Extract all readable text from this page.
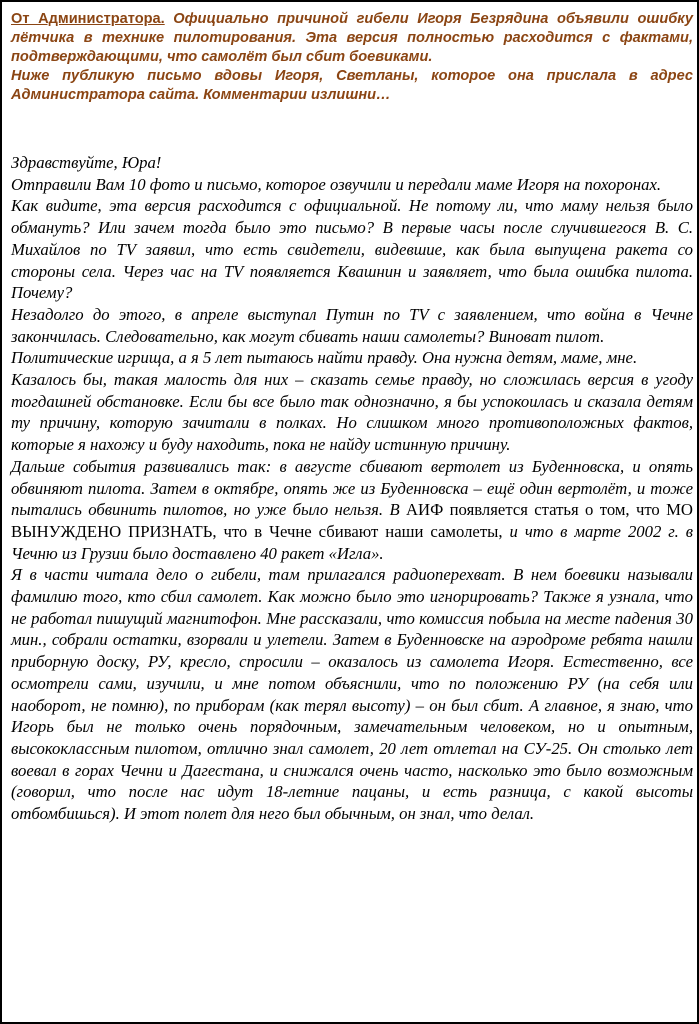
От Администратора. Официально причиной гибели Игоря Безрядина объявили ошибку лётчика в технике пилотирования. Эта версия полностью расходится с фактами, подтверждающими, что самолёт был сбит боевиками.

Ниже публикую письмо вдовы Игоря, Светланы, которое она прислала в адрес Администратора сайта. Комментарии излишни…

Здравствуйте, Юра!

Отправили Вам 10 фото и письмо, которое озвучили и передали маме Игоря на похоронах.

Как видите, эта версия расходится с официальной. Не потому ли, что маму нельзя было обмануть? Или зачем тогда было это письмо? В первые часы после случившегося В. С. Михайлов по TV заявил, что есть свидетели, видевшие, как была выпущена ракета со стороны села. Через час на TV появляется Квашнин и заявляет, что была ошибка пилота. Почему?

Незадолго до этого, в апреле выступал Путин по TV с заявлением, что война в Чечне закончилась. Следовательно, как могут сбивать наши самолеты? Виноват пилот.

Политические игрища, а я 5 лет пытаюсь найти правду. Она нужна детям, маме, мне.

Казалось бы, такая малость для них – сказать семье правду, но сложилась версия в угоду тогдашней обстановке. Если бы все было так однозначно, я бы успокоилась и сказала детям ту причину, которую зачитали в полках. Но слишком много противоположных фактов, которые я нахожу и буду находить, пока не найду истинную причину.

Дальше события развивались так: в августе сбивают вертолет из Буденновска, и опять обвиняют пилота. Затем в октябре, опять же из Буденновска – ещё один вертолёт, и тоже пытались обвинить пилотов, но уже было нельзя. В АИФ появляется статья о том, что МО ВЫНУЖДЕНО ПРИЗНАТЬ, что в Чечне сбивают наши самолеты, и что в марте 2002 г. в Чечню из Грузии было доставлено 40 ракет «Игла».

Я в части читала дело о гибели, там прилагался радиоперехват. В нем боевики называли фамилию того, кто сбил самолет. Как можно было это игнорировать? Также я узнала, что не работал пишущий магнитофон. Мне рассказали, что комиссия побыла на месте падения 30 мин., собрали остатки, взорвали и улетели. Затем в Буденновске на аэродроме ребята нашли приборную доску, РУ, кресло, спросили – оказалось из самолета Игоря. Естественно, все осмотрели сами, изучили, и мне потом объяснили, что по положению РУ (на себя или наоборот, не помню), по приборам (как терял высоту) – он был сбит. А главное, я знаю, что Игорь был не только очень порядочным, замечательным человеком, но и опытным, высококлассным пилотом, отлично знал самолет, 20 лет отлетал на СУ-25. Он столько лет воевал в горах Чечни и Дагестана, и снижался очень часто, насколько это было возможным (говорил, что после нас идут 18-летние пацаны, и есть разница, с какой высоты отбомбишься). И этот полет для него был обычным, он знал, что делал.
